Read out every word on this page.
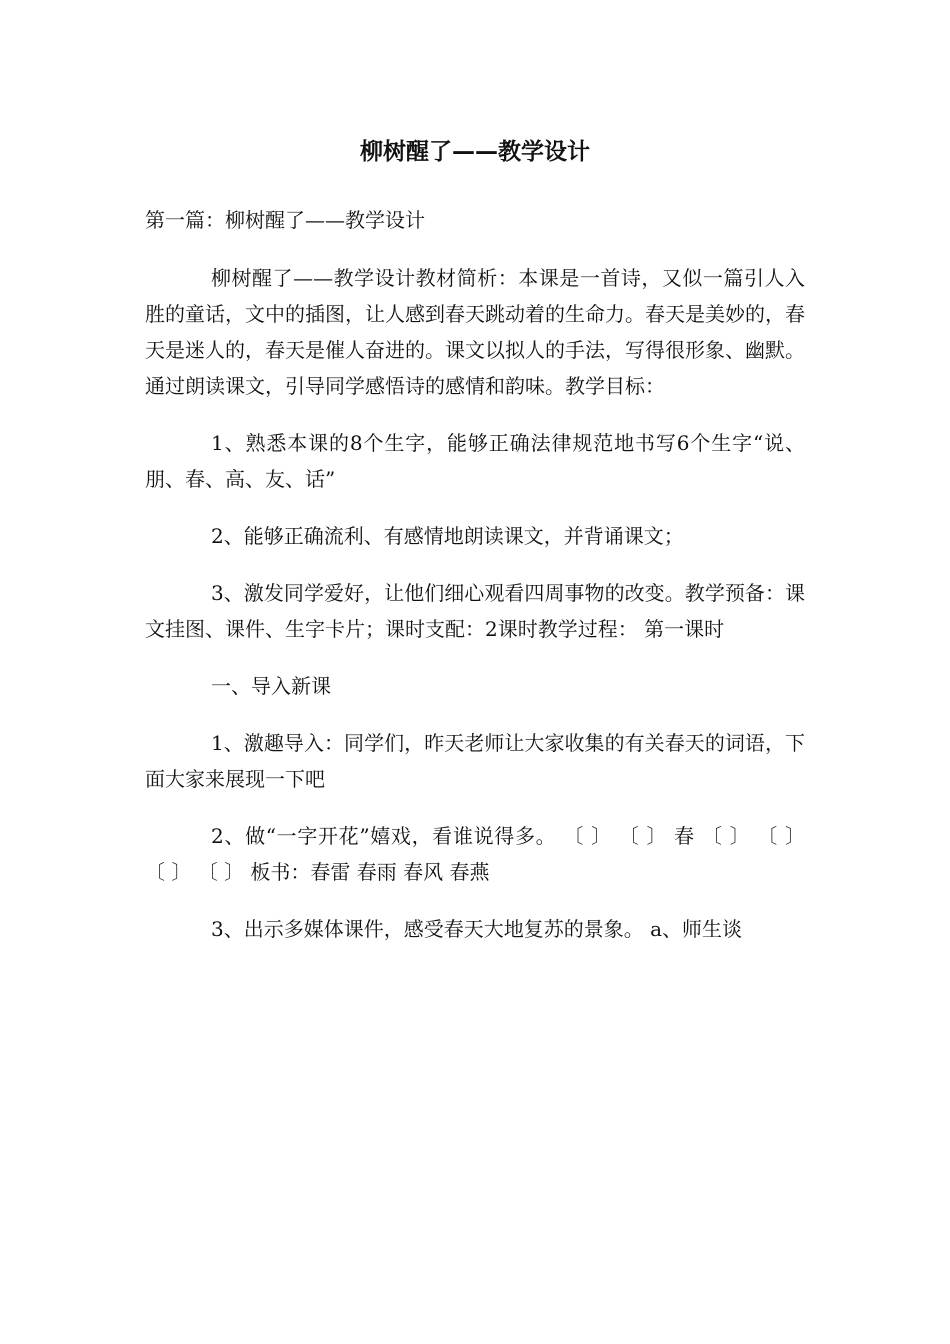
柳树醒了——教学设计

第一篇：柳树醒了——教学设计

柳树醒了——教学设计教材简析：本课是一首诗，又似一篇引人入胜的童话，文中的插图，让人感到春天跳动着的生命力。春天是美妙的，春天是迷人的，春天是催人奋进的。课文以拟人的手法，写得很形象、幽默。通过朗读课文，引导同学感悟诗的感情和韵味。教学目标：

1、熟悉本课的8个生字，能够正确法律规范地书写6个生字“说、朋、春、高、友、话”

2、能够正确流利、有感情地朗读课文，并背诵课文；

3、激发同学爱好，让他们细心观看四周事物的改变。教学预备：课文挂图、课件、生字卡片；课时支配：2课时教学过程： 第一课时

一、导入新课

1、激趣导入：同学们，昨天老师让大家收集的有关春天的词语，下面大家来展现一下吧

2、做“一字开花”嬉戏，看谁说得多。 〔 〕 〔 〕 春 〔 〕 〔 〕 〔 〕 〔 〕 板书：春雷 春雨 春风 春燕

3、出示多媒体课件，感受春天大地复苏的景象。 a、师生谈
